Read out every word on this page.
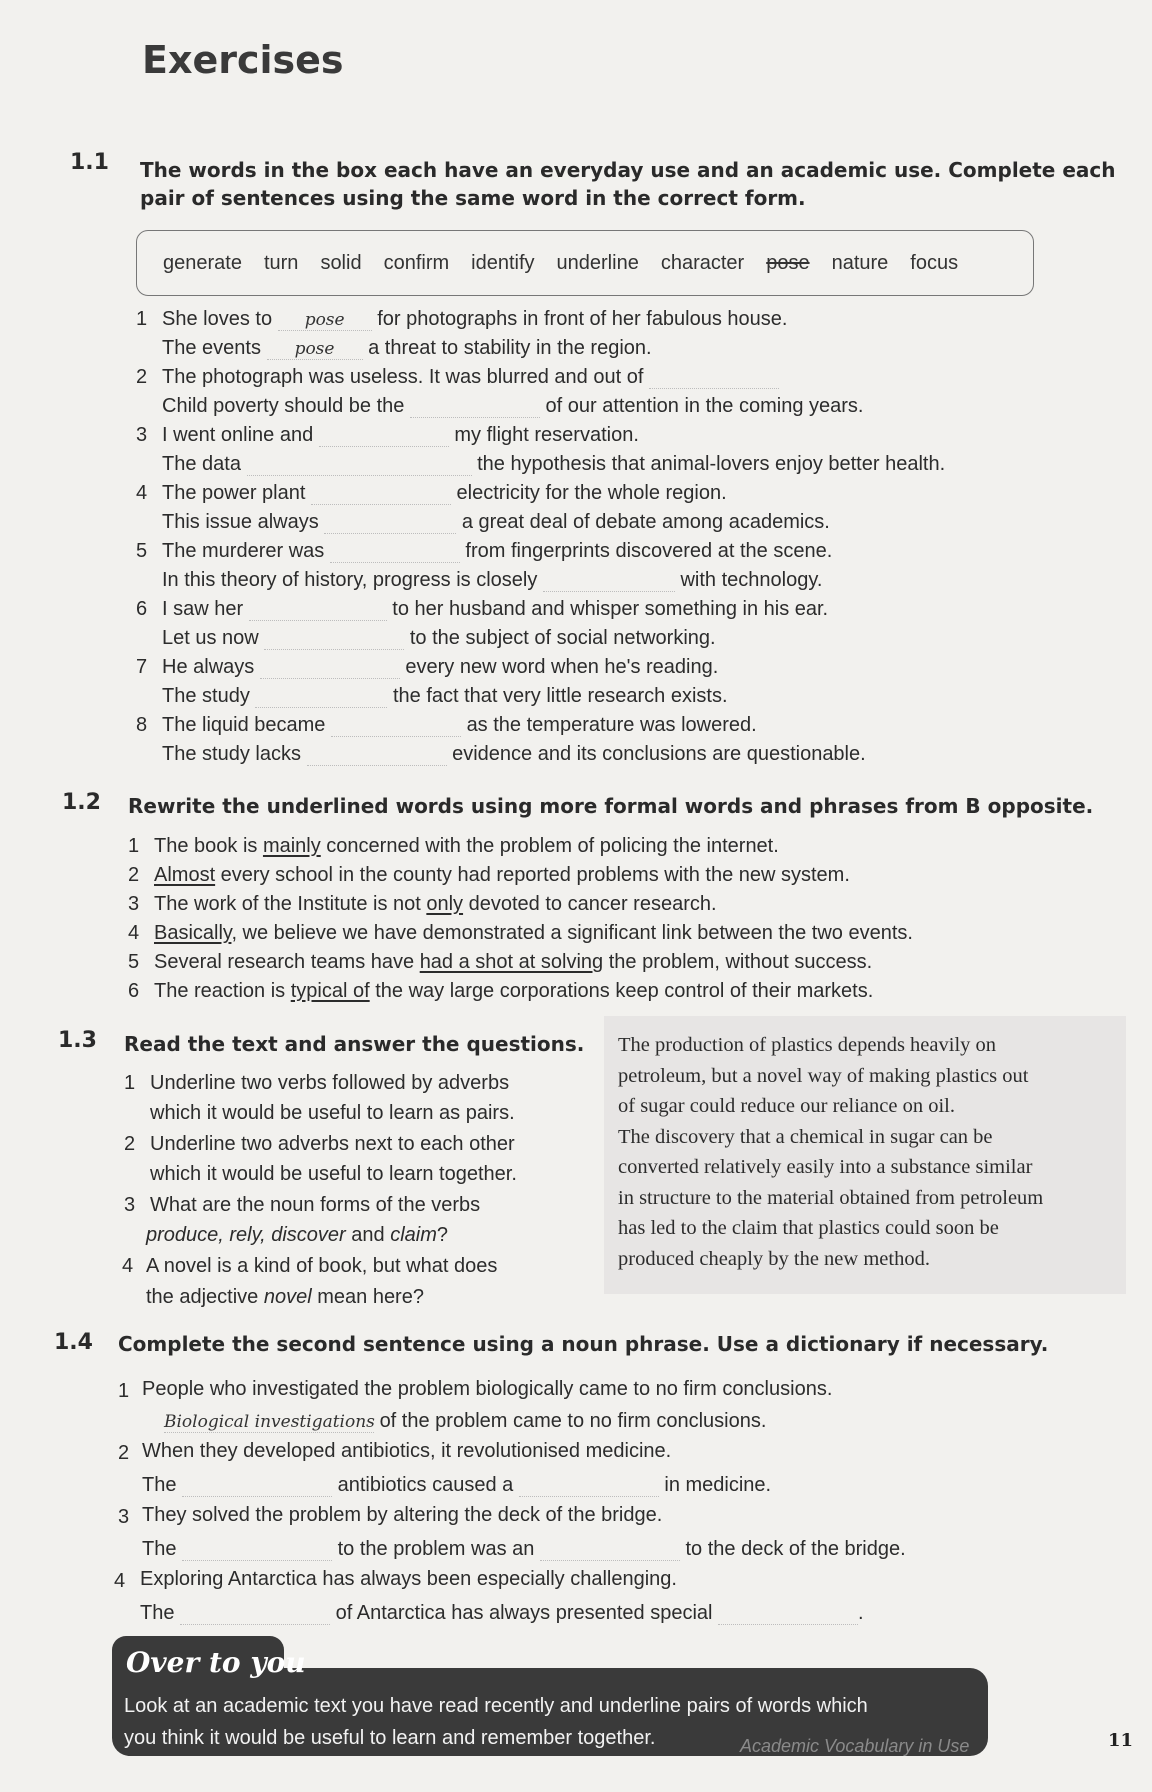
Exercises
1.1 The words in the box each have an everyday use and an academic use. Complete each

pair of sentences using the same word in the correct form.

generate turn solid confirm identify underline character pose nature focus
1 She loves to pose for photographs in front of her fabulous house.
The events pose a threat to stability in the region.
2 The photograph was useless. It was blurred and out of
Child poverty should be the	of our attention in the coming years.
3 I went online and	my flight reservation.
The data	the hypothesis that animal-lovers enjoy better health.
4 The power plant	electricity for the whole region.
This issue always	a great deal of debate among academics.
5 The murderer was	from fingerprints discovered at the scene.
In this theory of history, progress is closely	with technology.
6 I saw her	to her husband and whisper something in his ear.
Let us now	to the subject of social networking.
7 He always	every new word when he's reading.
The study	the fact that very little research exists.
8 The liquid became	as the temperature was lowered.
The study lacks	evidence and its conclusions are questionable.
1.2 Rewrite the underlined words using more formal words and phrases from B opposite.

1 The book is mainly concerned with the problem of policing the internet.
2 Almost every school in the county had reported problems with the new system.
3 The work of the Institute is not only devoted to cancer research.
4 Basically, we believe we have demonstrated a significant link between the two events.
5 Several research teams have had a shot at solving the problem, without success.
6 The reaction is typical of the way large corporations keep control of their markets.
1.3 Read the text and answer the questions.

1 Underline two verbs followed by adverbs
which it would be useful to learn as pairs.
2 Underline two adverbs next to each other
which it would be useful to learn together.
3 What are the noun forms of the verbs
produce, rely, discover and claim?
4 A novel is a kind of book, but what does
the adjective novel mean here?
The production of plastics depends heavily on
petroleum, but a novel way of making plastics out
of sugar could reduce our reliance on oil.
The discovery that a chemical in sugar can be
converted relatively easily into a substance similar
in structure to the material obtained from petroleum
has led to the claim that plastics could soon be
produced cheaply by the new method.
1.4 Complete the second sentence using a noun phrase. Use a dictionary if necessary.

1 People who investigated the problem biologically came to no firm conclusions.
Biological investigations of the problem came to no firm conclusions.
2 When they developed antibiotics, it revolutionised medicine.
The	antibiotics caused a	in medicine.
3 They solved the problem by altering the deck of the bridge.
The	to the problem was an	to the deck of the bridge.
4 Exploring Antarctica has always been especially challenging.
The	of Antarctica has always presented special	.
Over to you

Look at an academic text you have read recently and underline pairs of words which
you think it would be useful to learn and remember together.	Academic Vocabulary in Use	11
